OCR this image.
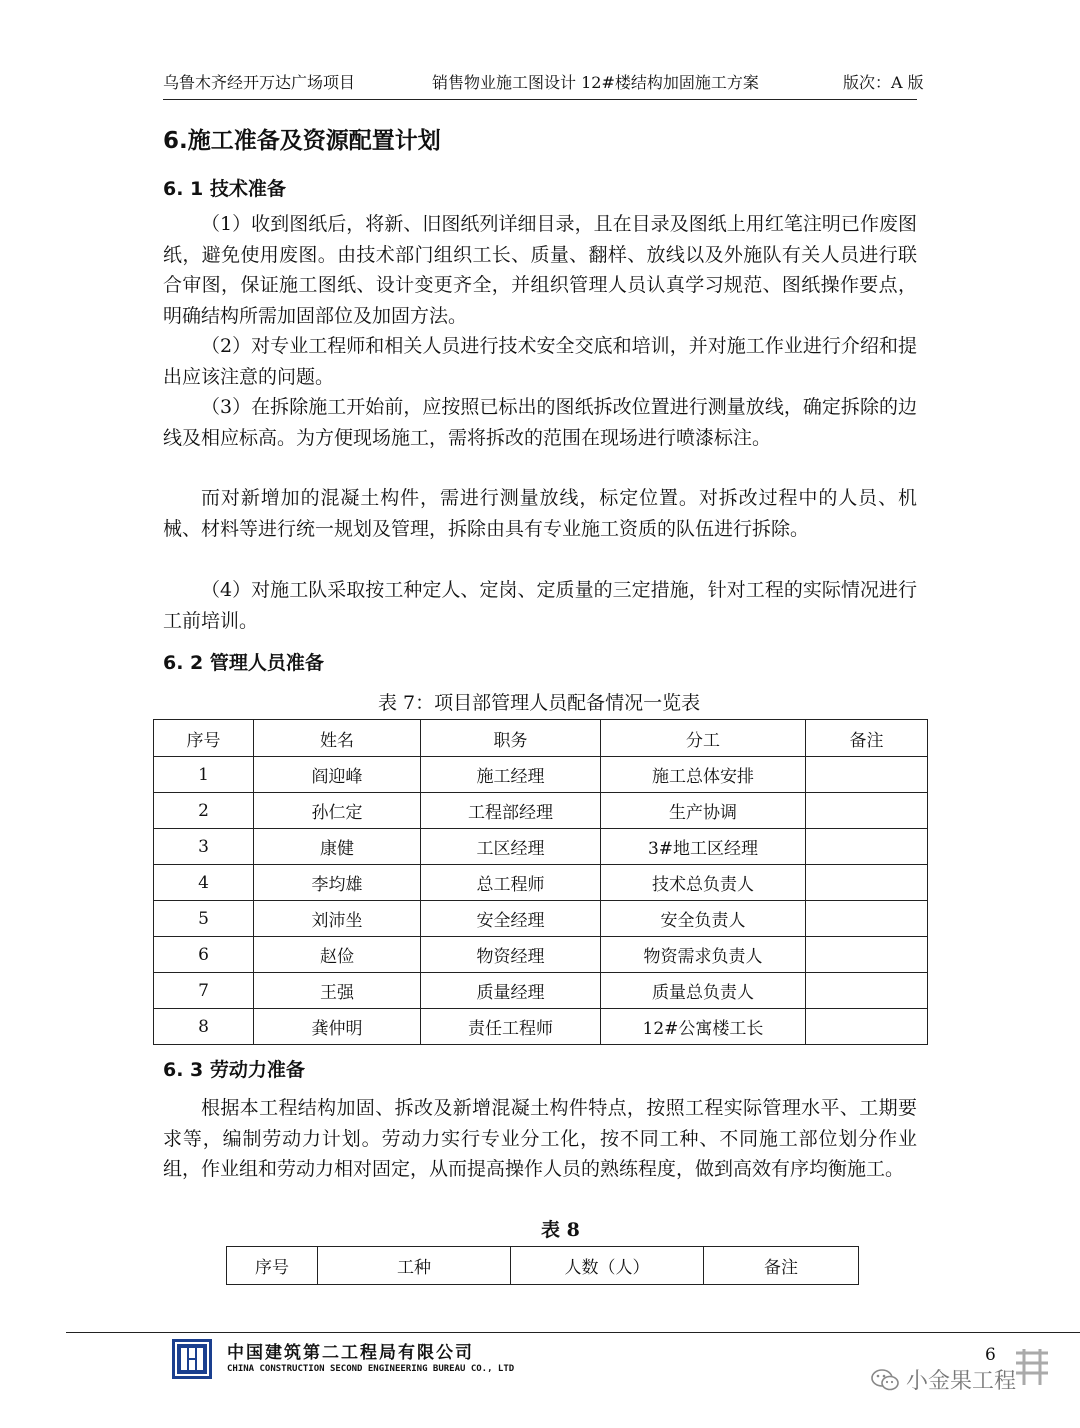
乌鲁木齐经开万达广场项目	销售物业施工图设计 12#楼结构加固施工方案	版次：A 版
6.施工准备及资源配置计划
6. 1 技术准备

（1）收到图纸后，将新、旧图纸列详细目录，且在目录及图纸上用红笔注明已作废图纸，避免使用废图。由技术部门组织工长、质量、翻样、放线以及外施队有关人员进行联合审图，保证施工图纸、设计变更齐全，并组织管理人员认真学习规范、图纸操作要点，明确结构所需加固部位及加固方法。

（2）对专业工程师和相关人员进行技术安全交底和培训，并对施工作业进行介绍和提出应该注意的问题。

（3）在拆除施工开始前，应按照已标出的图纸拆改位置进行测量放线，确定拆除的边线及相应标高。为方便现场施工，需将拆改的范围在现场进行喷漆标注。

而对新增加的混凝土构件，需进行测量放线，标定位置。对拆改过程中的人员、机械、材料等进行统一规划及管理，拆除由具有专业施工资质的队伍进行拆除。

（4）对施工队采取按工种定人、定岗、定质量的三定措施，针对工程的实际情况进行工前培训。

6. 2 管理人员准备
表 7：项目部管理人员配备情况一览表
序号	姓名	职务	分工	备注
1	阎迎峰	施工经理	施工总体安排	
2	孙仁定	工程部经理	生产协调	
3	康健	工区经理	3#地工区经理	
4	李均雄	总工程师	技术总负责人	
5	刘沛坐	安全经理	安全负责人	
6	赵俭	物资经理	物资需求负责人	
7	王强	质量经理	质量总负责人	
8	龚仲明	责任工程师	12#公寓楼工长	
6. 3 劳动力准备

根据本工程结构加固、拆改及新增混凝土构件特点，按照工程实际管理水平、工期要求等，编制劳动力计划。劳动力实行专业分工化，按不同工种、不同施工部位划分作业组，作业组和劳动力相对固定，从而提高操作人员的熟练程度，做到高效有序均衡施工。

表 8
序号	工种	人数（人）	备注
中国建筑第二工程局有限公司
CHINA CONSTRUCTION SECOND ENGINEERING BUREAU CO., LTD
6
小金果工程
